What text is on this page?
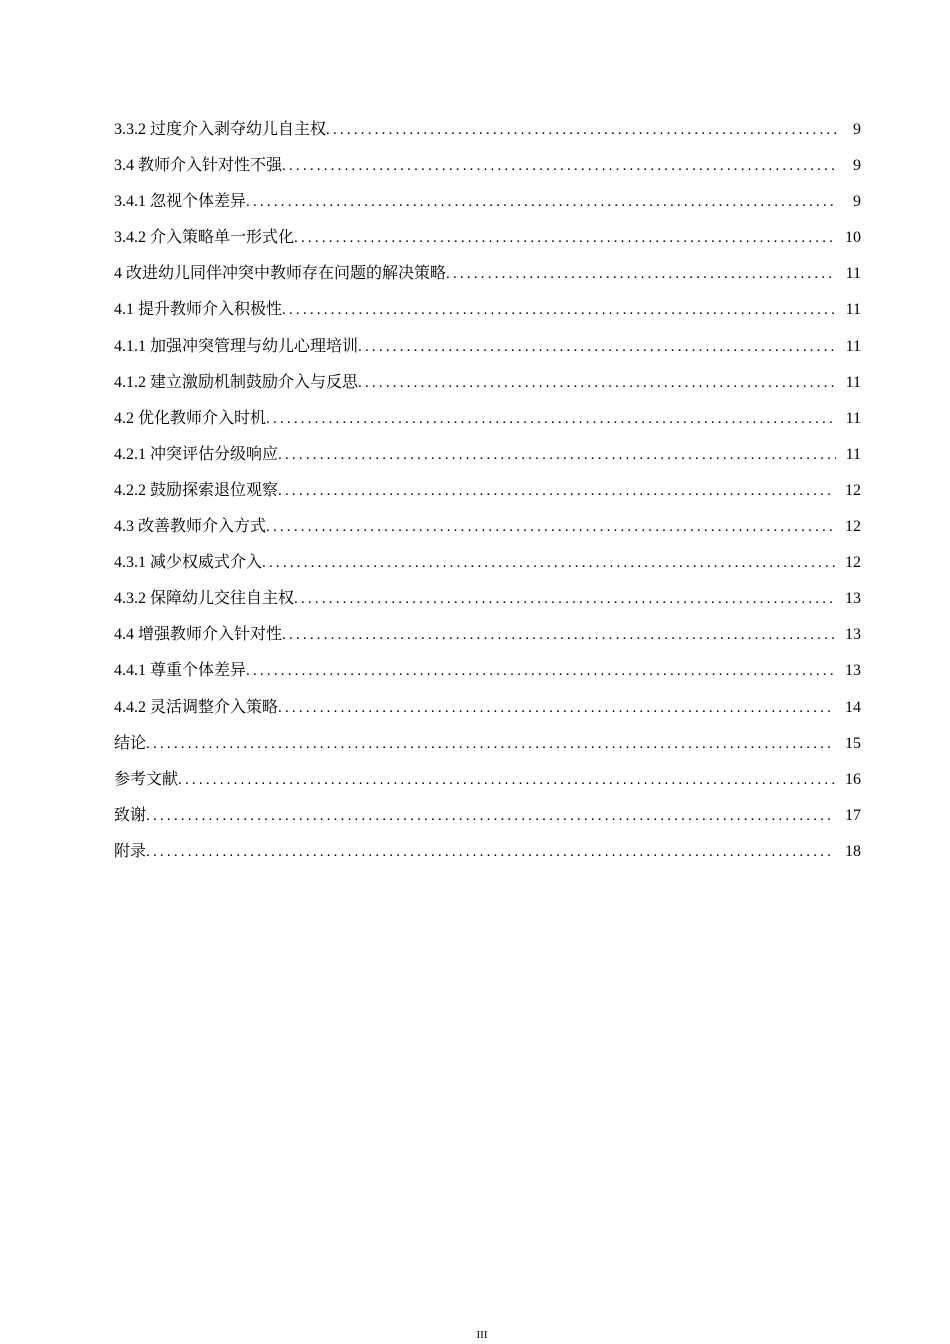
3.3.2 过度介入剥夺幼儿自主权 .....	9
3.4 教师介入针对性不强 .....	9
3.4.1 忽视个体差异 .....	9
3.4.2 介入策略单一形式化 .....	10
4 改进幼儿同伴冲突中教师存在问题的解决策略 .....	11
4.1 提升教师介入积极性 .....	11
4.1.1 加强冲突管理与幼儿心理培训 .....	11
4.1.2 建立激励机制鼓励介入与反思 .....	11
4.2 优化教师介入时机 .....	11
4.2.1 冲突评估分级响应 .....	11
4.2.2 鼓励探索退位观察 .....	12
4.3 改善教师介入方式 .....	12
4.3.1 减少权威式介入 .....	12
4.3.2 保障幼儿交往自主权 .....	13
4.4 增强教师介入针对性 .....	13
4.4.1 尊重个体差异 .....	13
4.4.2 灵活调整介入策略 .....	14
结论 .....	15
参考文献 .....	16
致谢 .....	17
附录 .....	18
III
